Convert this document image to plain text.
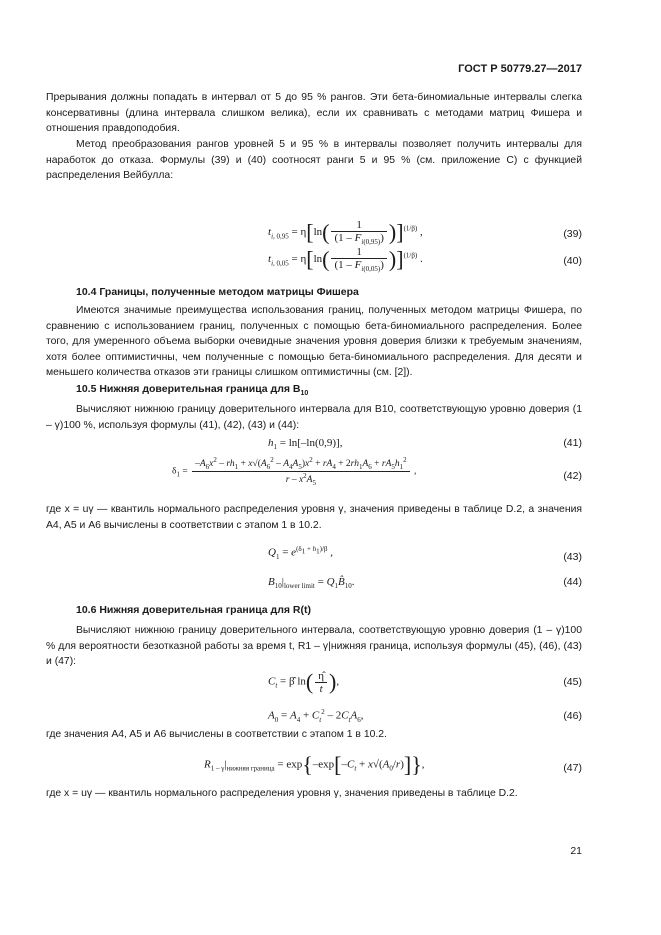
ГОСТ Р 50779.27—2017

Прерывания должны попадать в интервал от 5 до 95 % рангов. Эти бета-биномиальные интервалы слегка консервативны (длина интервала слишком велика), если их сравнивать с методами матриц Фишера и отношения правдоподобия.

Метод преобразования рангов уровней 5 и 95 % в интервалы позволяет получить интервалы для наработок до отказа. Формулы (39) и (40) соотносят ранги 5 и 95 % (см. приложение С) с функцией распределения Вейбулла:

$t_{i, 0,95} = \eta[\ln( \frac{1}{(1 - F_{i(0,95)})} )]^{(1/\beta)}$ ,	(39)
$t_{i, 0,05} = \eta[\ln( \frac{1}{(1 - F_{i(0,05)})} )]^{(1/\beta)}$ .	(40)
10.4 Границы, полученные методом матрицы Фишера

Имеются значимые преимущества использования границ, полученных методом матрицы Фишера, по сравнению с использованием границ, полученных с помощью бета-биномиального распределения. Более того, для умеренного объема выборки очевидные значения уровня доверия близки к требуемым значениям, хотя более оптимистичны, чем полученные с помощью бета-биномиального распределения. Для десяти и меньшего количества отказов эти границы слишком оптимистичны (см. [2]).

10.5 Нижняя доверительная граница для $B_{10}$

Вычисляют нижнюю границу доверительного интервала для B10, соответствующую уровню доверия (1 – γ)100 %, используя формулы (41), (42), (43) и (44):

$h_1 = \ln[-\ln(0,9)]$,	(41)
$\delta_1 = \frac{-A_6x^2 - rh_1 + x√(A_6^2 - A_4A_5)x^2 + rA_4 + 2rh_1A_6 + rA_5h_1^2}{r - x^2A_5}$ ,	(42)

где x = uγ — квантиль нормального распределения уровня γ, значения приведены в таблице D.2, а значения A4, A5 и A6 вычислены в соответствии с этапом 1 в 10.2.

$Q_1 = e^{(\delta_1 + h_1)/\beta}$ ,	(43)
$B_{10}|_{lower limit}$ = $Q_1B̂_{10}$.	(44)
10.6 Нижняя доверительная граница для R(t)

Вычисляют нижнюю границу доверительного интервала, соответствующую уровню доверия (1 – γ)100 % для вероятности безотказной работы за время t, R1 – γ|нижняя граница, используя формулы (45), (46), (43) и (47):

$C_t$ = β̂ $\ln( \frac{\etâ}{t}$ ),	(45)
$A_0 = A_4 + C_t^2 - 2C_tA_6$,	(46)

где значения A4, A5 и A6 вычислены в соответствии с этапом 1 в 10.2.

$R_{1 - \gamma}|_{нижняя граница} = \exp\{-\exp[-C_t + x√(A_0/r)]\}$,	(47)

где x = uγ — квантиль нормального распределения уровня γ, значения приведены в таблице D.2.

21
